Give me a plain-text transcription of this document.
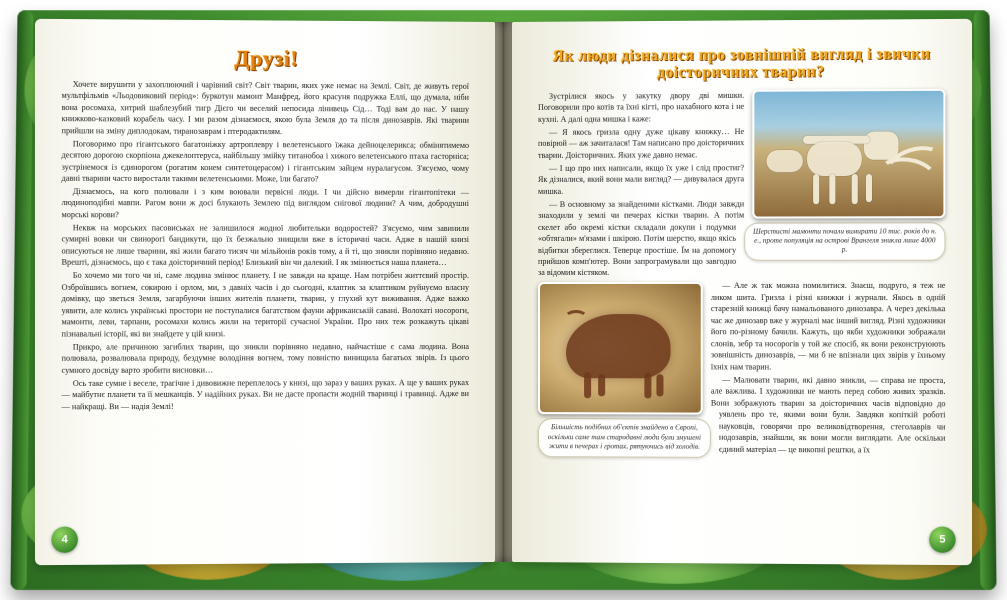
Друзі!

Хочете вирушити у захоплюючий і чарівний світ? Світ тварин, яких уже немає на Землі. Світ, де живуть герої мультфільмів «Льодовиковий період»: буркотун мамонт Манфред, його красуня подружка Еллі, що думала, ніби вона росомаха, хитрий шаблезубий тигр Дієго чи веселий непосида лінивець Сід… Тоді вам до нас. У нашу книжково-казковий корабель часу. І ми разом дізнаємося, якою була Земля до та після динозаврів. Які тварини прийшли на зміну диплодокам, тиранозаврам і птеродактилям.

Поговоримо про гігантського багатоніжку артроплевру і велетенського їжака дейноцелерикса; обмінятимемо десятою дорогою скорпіона джекелоптеруса, найбільшу змійку титанобоа і хижого велетенського птаха гасторніса; зустрінемося із єдинорогом (рогатим конем синтетоцерасом) і гігантським зайцем нуралагусом. З'ясуємо, чому давні тварини часто виростали такими велетенськими. Може, їли багато?

Дізнаємось, на кого полювали і з ким воювали первісні люди. І чи дійсно вимерли гігантопітеки — людиноподібні мавпи. Рагом вони ж досі блукають Землею під виглядом снігової людини? А чим, добродушні морські корови?

Неквж на морських пасовиськах не залишилося жодної любительки водоростей? З'ясуємо, чим завинили сумирні вовки чи свинорогі бандикути, що їх безжально знищили вже в історичні часи. Адже в нашій книзі описуються не лише тварини, які жили багато тисяч чи мільйонів років тому, а й ті, що зникли порівняно недавно. Врешті, дізнаємось, що є така доісторичний період! Близький він чи далекий. І як змінюється наша планета…

Бо хочемо ми того чи ні, саме людина змінює планету. І не завжди на краще. Нам потрібен життєвий простір. Озброївшись вогнем, сокирою і орлом, ми, з давніх часів і до сьогодні, клаптик за клаптиком руйнуємо власну домівку, що зветься Земля, загарбуючи інших жителів планети, тварин, у глухий кут виживання. Адже важко уявити, але колись українські простори не поступалися багатством фауни африканській савані. Волохаті носороги, мамонти, леви, тарпани, росомахи колись жили на території сучасної України. Про них теж розкажуть цікаві пізнавальні історії, які ви знайдете у цій книзі.

Прикро, але причиною загиблих тварин, що зникли порівняно недавно, найчастіше є сама людина. Вона полювала, розвалювала природу, бездумне володіння вогнем, тому повністю винищила багатьох звірів. Із цього сумного досвіду варто зробити висновки…

Ось таке сумне і веселе, трагічне і дивовижне переплелось у книзі, що зараз у ваших руках. А ще у ваших руках — майбутнє планети та її мешканців. У надійних руках. Ви не дасте пропасти жодній тваринці і травинці. Адже ви — найкращі. Ви — надія Землі!

4
Як люди дізналися про зовнішній вигляд і звички доісторичних тварин?
Шерстисті мамонти почали вимирати 10 тис. років до н. е., проте популяція на острові Врангеля зникла лише 4000 р.

Зустрілися якось у закутку двору дві мишки. Поговорили про котів та їхні кігті, про нахабного кота і не кухні. А далі одна мишка і каже:

— Я якось гризла одну дуже цікаву книжку… Не повірюй — аж зачиталася! Там написано про доісторичних тварин. Доісторичних. Яких уже давно немає.

— І що про них написали, якщо їх уже і слід простиг? Як дізналися, який вони мали вигляд? — дивувалася друга мишка.

— В основному за знайденими кістками. Люди завжди знаходили у землі чи печерах кістки тварин. А потім скелет або окремі кістки складали докупи і подумки «обтягали» м'язами і шкірою. Потім шерстю, якщо якісь відбитки збереглися. Теперце простіше. Їм на допомогу прийшов комп'ютер. Вони запрограмували що завгодно за відомим кістяком.

Більшість подібних об'єктів знайдено в Європі, оскільки саме там стародавні люди були змушені жити в печерах і гротах, рятуючись від холодів.

— Але ж так можна помилитися. Знаєш, подруго, я теж не ликом шита. Гризла і різні книжки і журнали. Якось в одній старезній книжці бачу намальованого динозавра. А через декілька час же динозавр вже у журналі має інший вигляд. Різні художники його по-різному бачили. Кажуть, що якби художники зображали слонів, зебр та носорогів у той же спосіб, як вони реконструюють зовнішність динозаврів, — ми б не впізнали цих звірів у їхньому їхніх нам тварин.

— Малювати тварин, які давно зникли, — справа не проста, але важлива. І художники не мають перед собою живих зразків. Вони зображують тварин за доісторичних часів відповідно до уявлень про те, якими вони були. Завдяки копіткій роботі науковців, говорячи про великовідтворення, стеголаврів чи нодозаврів, знайшли, як вони могли виглядати. Але оскільки єдиний матеріал — це викопні рештки, а їх

5
